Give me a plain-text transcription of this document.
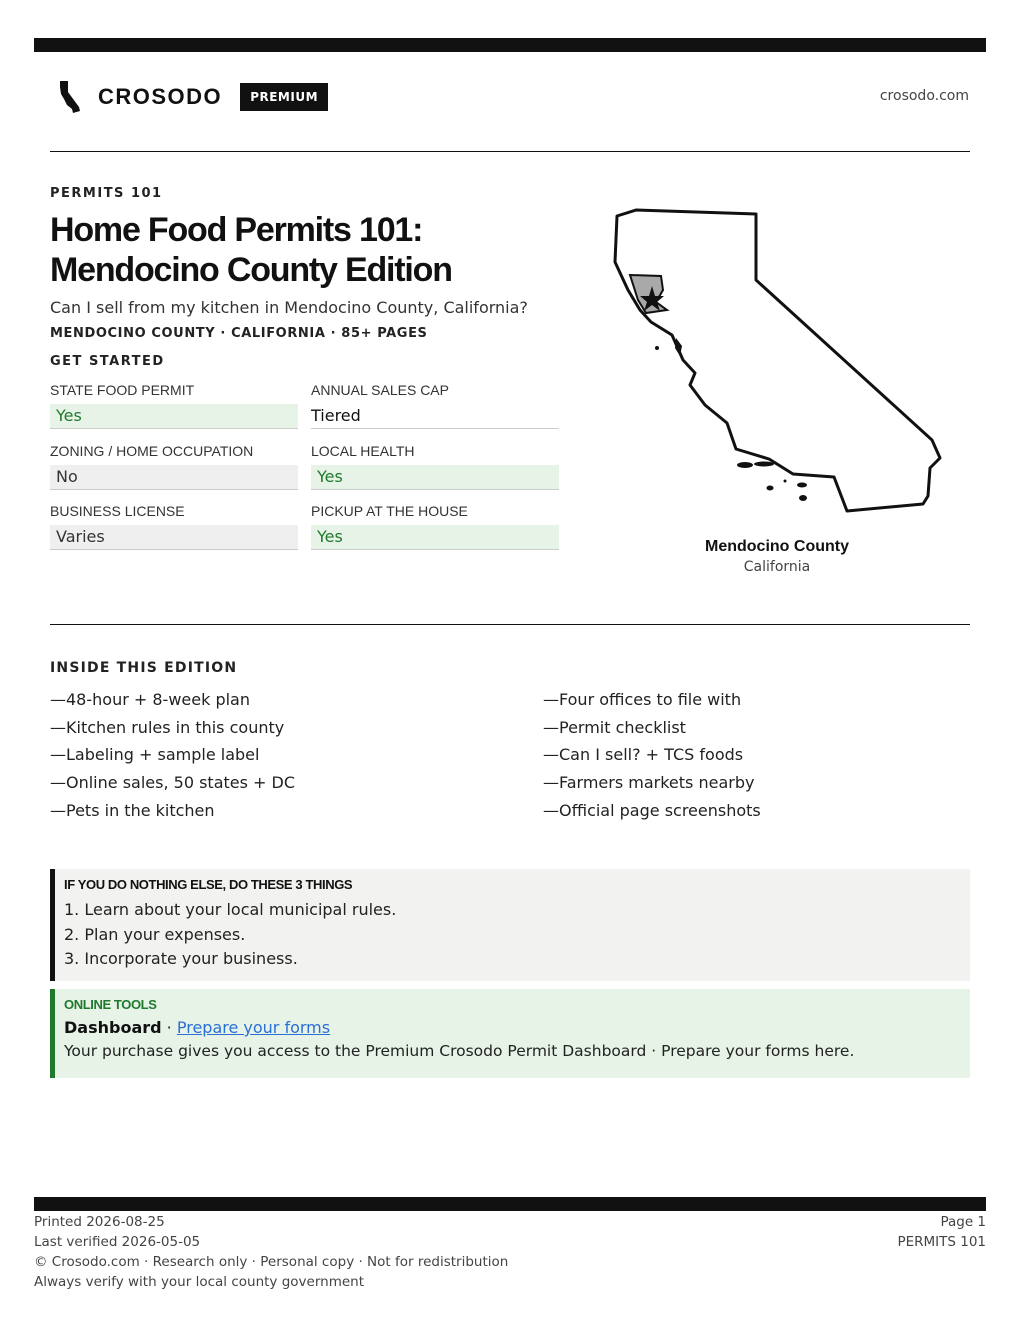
CROSODO	PREMIUM	crosodo.com
PERMITS 101
Home Food Permits 101:
Mendocino County Edition
Can I sell from my kitchen in Mendocino County, California?
MENDOCINO COUNTY · CALIFORNIA · 85+ PAGES
GET STARTED
STATE FOOD PERMIT
Yes
ANNUAL SALES CAP
Tiered
ZONING / HOME OCCUPATION
No
LOCAL HEALTH
Yes
BUSINESS LICENSE
Varies
PICKUP AT THE HOUSE
Yes
Mendocino County
California
INSIDE THIS EDITION
—48-hour + 8-week plan
—Kitchen rules in this county
—Labeling + sample label
—Online sales, 50 states + DC
—Pets in the kitchen
—Four offices to file with
—Permit checklist
—Can I sell? + TCS foods
—Farmers markets nearby
—Official page screenshots
IF YOU DO NOTHING ELSE, DO THESE 3 THINGS
1. Learn about your local municipal rules.
2. Plan your expenses.
3. Incorporate your business.
ONLINE TOOLS
Dashboard · Prepare your forms
Your purchase gives you access to the Premium Crosodo Permit Dashboard · Prepare your forms here.
Printed 2026-08-25
Last verified 2026-05-05
© Crosodo.com · Research only · Personal copy · Not for redistribution
Always verify with your local county government
Page 1
PERMITS 101
